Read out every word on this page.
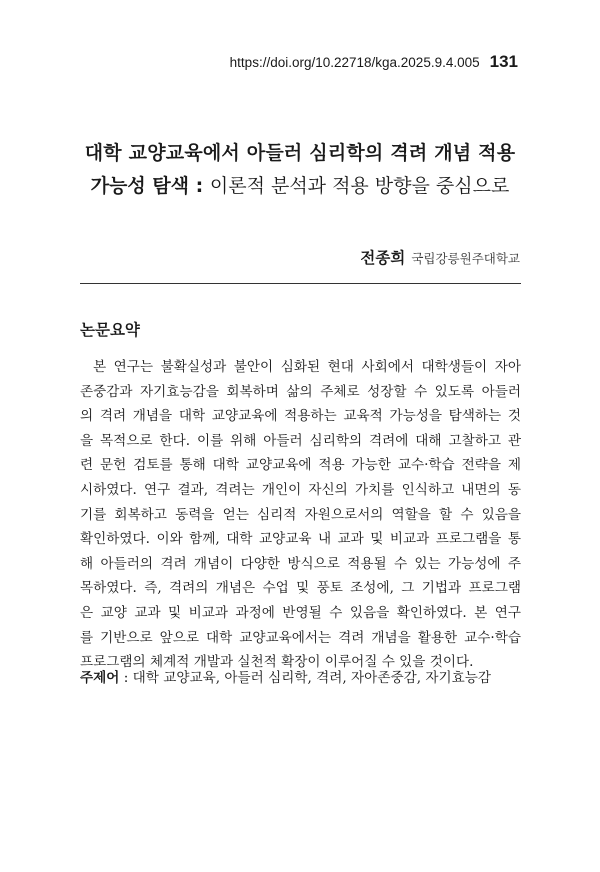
https://doi.org/10.22718/kga.2025.9.4.005 131
대학 교양교육에서 아들러 심리학의 격려 개념 적용
가능성 탐색 : 이론적 분석과 적용 방향을 중심으로
전종희 국립강릉원주대학교
논문요약
본 연구는 불확실성과 불안이 심화된 현대 사회에서 대학생들이 자아
존중감과 자기효능감을 회복하며 삶의 주체로 성장할 수 있도록 아들러
의 격려 개념을 대학 교양교육에 적용하는 교육적 가능성을 탐색하는 것
을 목적으로 한다. 이를 위해 아들러 심리학의 격려에 대해 고찰하고 관
련 문헌 검토를 통해 대학 교양교육에 적용 가능한 교수·학습 전략을 제
시하였다. 연구 결과, 격려는 개인이 자신의 가치를 인식하고 내면의 동
기를 회복하고 동력을 얻는 심리적 자원으로서의 역할을 할 수 있음을
확인하였다. 이와 함께, 대학 교양교육 내 교과 및 비교과 프로그램을 통
해 아들러의 격려 개념이 다양한 방식으로 적용될 수 있는 가능성에 주
목하였다. 즉, 격려의 개념은 수업 및 풍토 조성에, 그 기법과 프로그램
은 교양 교과 및 비교과 과정에 반영될 수 있음을 확인하였다. 본 연구
를 기반으로 앞으로 대학 교양교육에서는 격려 개념을 활용한 교수·학습
프로그램의 체계적 개발과 실천적 확장이 이루어질 수 있을 것이다.
주제어 : 대학 교양교육, 아들러 심리학, 격려, 자아존중감, 자기효능감
